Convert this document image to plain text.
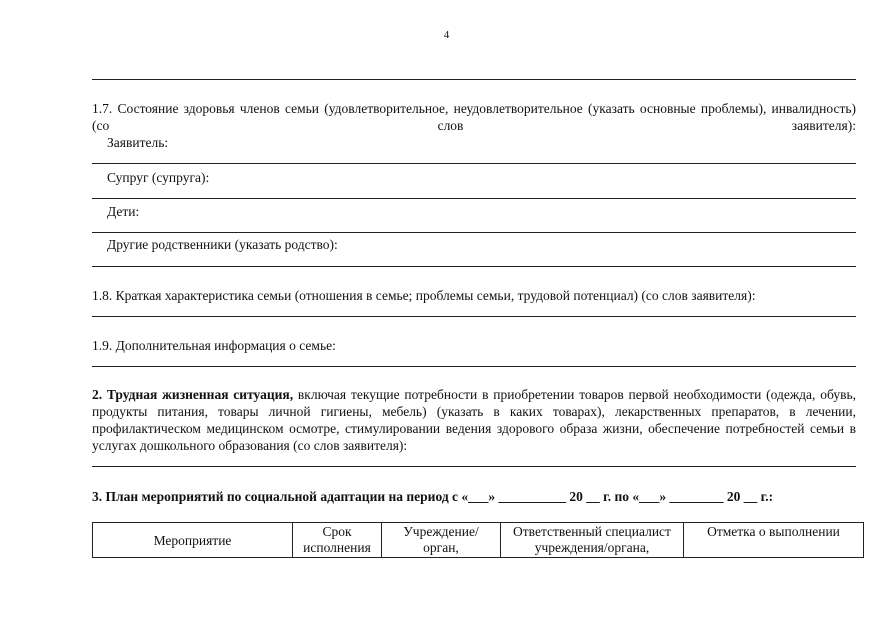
4
1.7. Состояние здоровья членов семьи (удовлетворительное, неудовлетворительное (указать основные проблемы), инвалидность) (со слов заявителя):
Заявитель:
Супруг (супруга):
Дети:
Другие родственники (указать родство):
1.8. Краткая характеристика семьи (отношения в семье; проблемы семьи, трудовой потенциал) (со слов заявителя):
1.9. Дополнительная информация о семье:
2. Трудная жизненная ситуация, включая текущие потребности в приобретении товаров первой необходимости (одежда, обувь, продукты питания, товары личной гигиены, мебель) (указать в каких товарах), лекарственных препаратов, в лечении, профилактическом медицинском осмотре, стимулировании ведения здорового образа жизни, обеспечение потребностей семьи в услугах дошкольного образования (со слов заявителя):
3. План мероприятий по социальной адаптации на период с «___» __________ 20 __ г. по «___» ________ 20 __ г.:
Мероприятие	Срок исполнения	Учреждение/ орган,	Ответственный специалист учреждения/органа,	Отметка о выполнении
